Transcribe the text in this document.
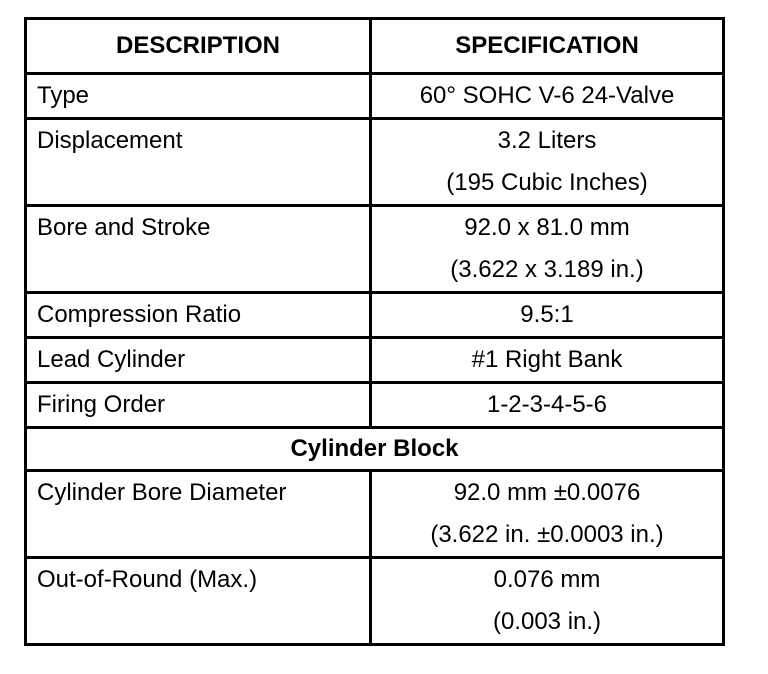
DESCRIPTION	SPECIFICATION
Type	60° SOHC V-6 24-Valve

Displacement	3.2 Liters
(195 Cubic Inches)

Bore and Stroke	92.0 x 81.0 mm
(3.622 x 3.189 in.)

Compression Ratio	9.5:1

Lead Cylinder	#1 Right Bank

Firing Order	1-2-3-4-5-6

Cylinder Block	
Cylinder Bore Diameter	92.0 mm ±0.0076
(3.622 in. ±0.0003 in.)

Out-of-Round (Max.)	0.076 mm
(0.003 in.)
